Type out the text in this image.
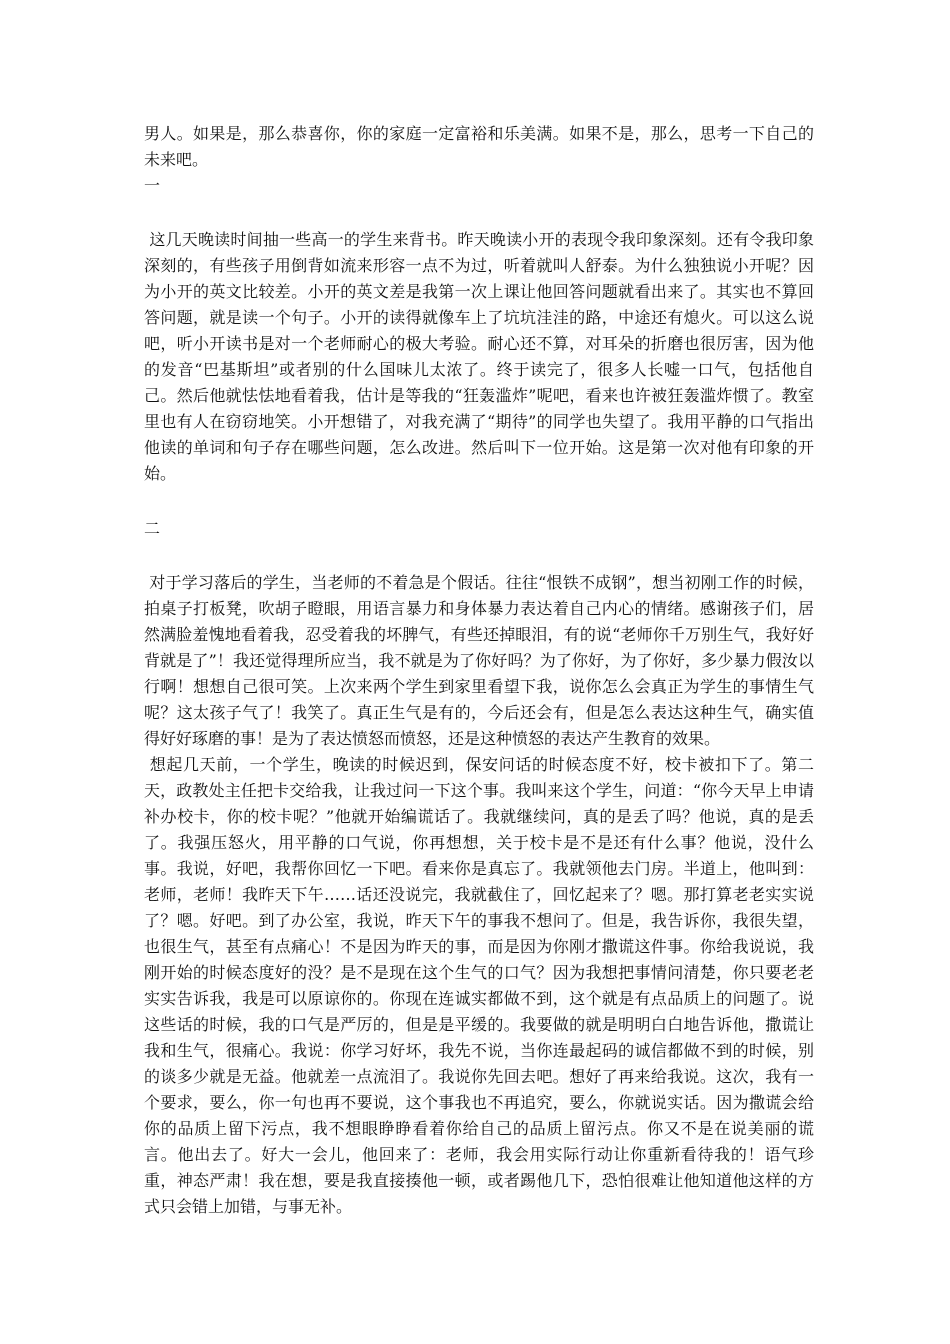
男人。如果是，那么恭喜你，你的家庭一定富裕和乐美满。如果不是，那么，思考一下自己的未来吧。

一

这几天晚读时间抽一些高一的学生来背书。昨天晚读小开的表现令我印象深刻。还有令我印象深刻的，有些孩子用倒背如流来形容一点不为过，听着就叫人舒泰。为什么独独说小开呢？因为小开的英文比较差。小开的英文差是我第一次上课让他回答问题就看出来了。其实也不算回答问题，就是读一个句子。小开的读得就像车上了坑坑洼洼的路，中途还有熄火。可以这么说吧，听小开读书是对一个老师耐心的极大考验。耐心还不算，对耳朵的折磨也很厉害，因为他的发音“巴基斯坦”或者别的什么国味儿太浓了。终于读完了，很多人长嘘一口气，包括他自己。然后他就怯怯地看着我，估计是等我的“狂轰滥炸”呢吧，看来也许被狂轰滥炸惯了。教室里也有人在窃窃地笑。小开想错了，对我充满了“期待”的同学也失望了。我用平静的口气指出他读的单词和句子存在哪些问题，怎么改进。然后叫下一位开始。这是第一次对他有印象的开始。

二

对于学习落后的学生，当老师的不着急是个假话。往往“恨铁不成钢”，想当初刚工作的时候，拍桌子打板凳，吹胡子瞪眼，用语言暴力和身体暴力表达着自己内心的情绪。感谢孩子们，居然满脸羞愧地看着我，忍受着我的坏脾气，有些还掉眼泪，有的说“老师你千万别生气，我好好背就是了”！我还觉得理所应当，我不就是为了你好吗？为了你好，为了你好，多少暴力假汝以行啊！想想自己很可笑。上次来两个学生到家里看望下我，说你怎么会真正为学生的事情生气呢？这太孩子气了！我笑了。真正生气是有的，今后还会有，但是怎么表达这种生气，确实值得好好琢磨的事！是为了表达愤怒而愤怒，还是这种愤怒的表达产生教育的效果。

想起几天前，一个学生，晚读的时候迟到，保安问话的时候态度不好，校卡被扣下了。第二天，政教处主任把卡交给我，让我过问一下这个事。我叫来这个学生，问道：“你今天早上申请补办校卡，你的校卡呢？”他就开始编谎话了。我就继续问，真的是丢了吗？他说，真的是丢了。我强压怒火，用平静的口气说，你再想想，关于校卡是不是还有什么事？他说，没什么事。我说，好吧，我帮你回忆一下吧。看来你是真忘了。我就领他去门房。半道上，他叫到：老师，老师！我昨天下午……话还没说完，我就截住了，回忆起来了？嗯。那打算老老实实说了？嗯。好吧。到了办公室，我说，昨天下午的事我不想问了。但是，我告诉你，我很失望，也很生气，甚至有点痛心！不是因为昨天的事，而是因为你刚才撒谎这件事。你给我说说，我刚开始的时候态度好的没？是不是现在这个生气的口气？因为我想把事情问清楚，你只要老老实实告诉我，我是可以原谅你的。你现在连诚实都做不到，这个就是有点品质上的问题了。说这些话的时候，我的口气是严厉的，但是是平缓的。我要做的就是明明白白地告诉他，撒谎让我和生气，很痛心。我说：你学习好坏，我先不说，当你连最起码的诚信都做不到的时候，别的谈多少就是无益。他就差一点流泪了。我说你先回去吧。想好了再来给我说。这次，我有一个要求，要么，你一句也再不要说，这个事我也不再追究，要么，你就说实话。因为撒谎会给你的品质上留下污点，我不想眼睁睁看着你给自己的品质上留污点。你又不是在说美丽的谎言。他出去了。好大一会儿，他回来了：老师，我会用实际行动让你重新看待我的！语气珍重，神态严肃！我在想，要是我直接揍他一顿，或者踢他几下，恐怕很难让他知道他这样的方式只会错上加错，与事无补。
